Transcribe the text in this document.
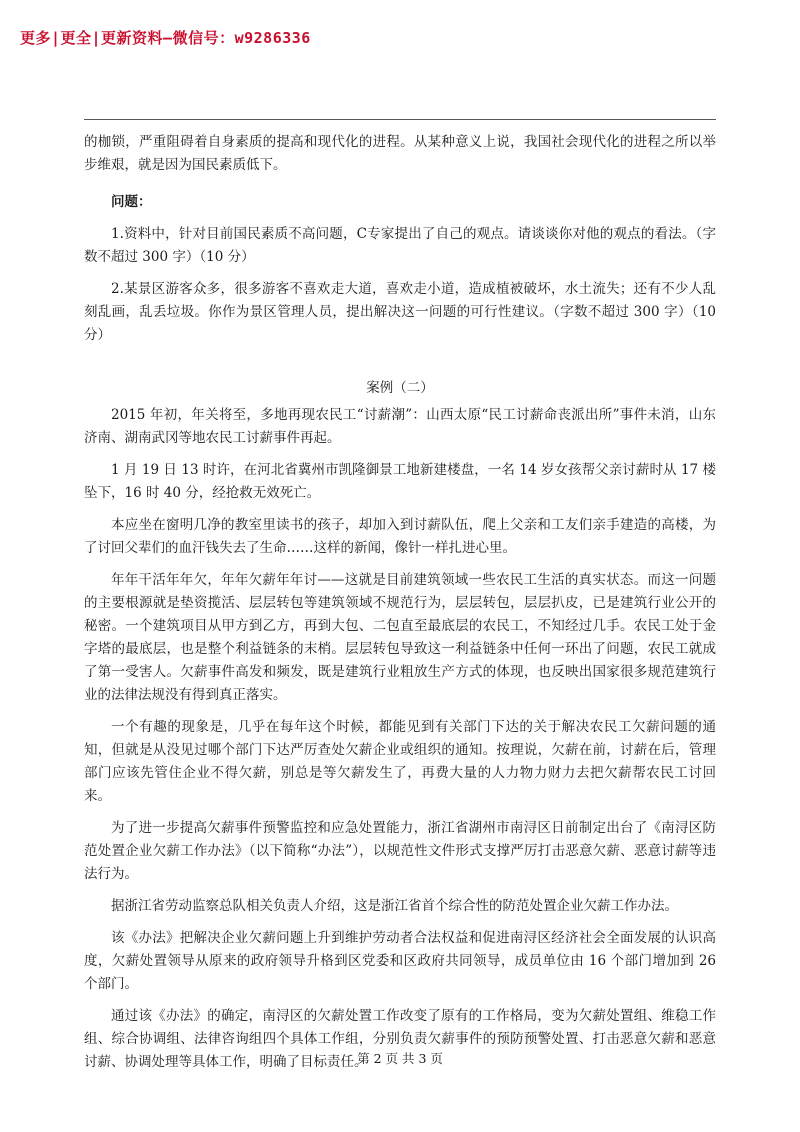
更多|更全|更新资料—微信号：w9286336

的枷锁，严重阻碍着自身素质的提高和现代化的进程。从某种意义上说，我国社会现代化的进程之所以举步维艰，就是因为国民素质低下。

问题：

1.资料中，针对目前国民素质不高问题，C专家提出了自己的观点。请谈谈你对他的观点的看法。（字数不超过 300 字）（10 分）

2.某景区游客众多，很多游客不喜欢走大道，喜欢走小道，造成植被破坏，水土流失；还有不少人乱刻乱画，乱丢垃圾。你作为景区管理人员，提出解决这一问题的可行性建议。（字数不超过 300 字）（10 分）

案例（二）

2015 年初，年关将至，多地再现农民工“讨薪潮”：山西太原“民工讨薪命丧派出所”事件未消，山东济南、湖南武冈等地农民工讨薪事件再起。

1 月 19 日 13 时许，在河北省冀州市凯隆御景工地新建楼盘，一名 14 岁女孩帮父亲讨薪时从 17 楼坠下，16 时 40 分，经抢救无效死亡。

本应坐在窗明几净的教室里读书的孩子，却加入到讨薪队伍，爬上父亲和工友们亲手建造的高楼，为了讨回父辈们的血汗钱失去了生命……这样的新闻，像针一样扎进心里。

年年干活年年欠，年年欠薪年年讨——这就是目前建筑领域一些农民工生活的真实状态。而这一问题的主要根源就是垫资揽活、层层转包等建筑领域不规范行为，层层转包，层层扒皮，已是建筑行业公开的秘密。一个建筑项目从甲方到乙方，再到大包、二包直至最底层的农民工，不知经过几手。农民工处于金字塔的最底层，也是整个利益链条的末梢。层层转包导致这一利益链条中任何一环出了问题，农民工就成了第一受害人。欠薪事件高发和频发，既是建筑行业粗放生产方式的体现，也反映出国家很多规范建筑行业的法律法规没有得到真正落实。

一个有趣的现象是，几乎在每年这个时候，都能见到有关部门下达的关于解决农民工欠薪问题的通知，但就是从没见过哪个部门下达严厉查处欠薪企业或组织的通知。按理说，欠薪在前，讨薪在后，管理部门应该先管住企业不得欠薪，别总是等欠薪发生了，再费大量的人力物力财力去把欠薪帮农民工讨回来。

为了进一步提高欠薪事件预警监控和应急处置能力，浙江省湖州市南浔区日前制定出台了《南浔区防范处置企业欠薪工作办法》（以下简称“办法”），以规范性文件形式支撑严厉打击恶意欠薪、恶意讨薪等违法行为。

据浙江省劳动监察总队相关负责人介绍，这是浙江省首个综合性的防范处置企业欠薪工作办法。

该《办法》把解决企业欠薪问题上升到维护劳动者合法权益和促进南浔区经济社会全面发展的认识高度，欠薪处置领导从原来的政府领导升格到区党委和区政府共同领导，成员单位由 16 个部门增加到 26 个部门。

通过该《办法》的确定，南浔区的欠薪处置工作改变了原有的工作格局，变为欠薪处置组、维稳工作组、综合协调组、法律咨询组四个具体工作组，分别负责欠薪事件的预防预警处置、打击恶意欠薪和恶意讨薪、协调处理等具体工作，明确了目标责任。

第 2 页 共 3 页
